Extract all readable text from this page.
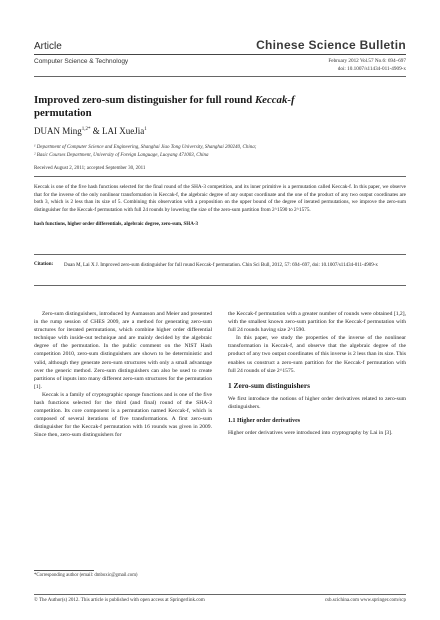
Article	Chinese Science Bulletin
Computer Science & Technology	February 2012 Vol.57 No.6: 694–697
doi: 10.1007/s11434-011-4909-x
Improved zero-sum distinguisher for full round Keccak-f
permutation
DUAN Ming$^{1,2*}$ & LAI XueJia$^1$
¹ Department of Computer Science and Engineering, Shanghai Jiao Tong University, Shanghai 200240, China;
² Basic Courses Department, University of Foreign Language, Luoyang 471003, China
Received August 2, 2011; accepted September 30, 2011
Keccak is one of the five hash functions selected for the final round of the SHA-3 competition, and its inner primitive is a permutation called Keccak-f. In this paper, we observe that for the inverse of the only nonlinear transformation in Keccak-f, the algebraic degree of any output coordinate and the one of the product of any two output coordinates are both 3, which is 2 less than its size of 5. Combining this observation with a proposition on the upper bound of the degree of iterated permutations, we improve the zero-sum distinguisher for the Keccak-f permutation with full 24 rounds by lowering the size of the zero-sum partition from 2^1590 to 2^1575.
hash functions, higher order differentials, algebraic degree, zero-sum, SHA-3
Citation: Duan M, Lai X J. Improved zero-sum distinguisher for full round Keccak-f permutation. Chin Sci Bull, 2012, 57: 694–697, doi: 10.1007/s11434-011-4909-x

Zero-sum distinguishers, introduced by Aumasson and Meier and presented in the rump session of CHES 2009, are a method for generating zero-sum structures for iterated permutations, which combine higher order differential technique with inside-out technique and are mainly decided by the algebraic degree of the permutation. In the public comment on the NIST Hash competition 2010, zero-sum distinguishers are shown to be deterministic and valid, although they generate zero-sum structures with only a small advantage over the generic method. Zero-sum distinguishers can also be used to create partitions of inputs into many different zero-sum structures for the permutation [1].

Keccak is a family of cryptographic sponge functions and is one of the five hash functions selected for the third (and final) round of the SHA-3 competition. Its core component is a permutation named Keccak-f, which is composed of several iterations of five transformations. A first zero-sum distinguisher for the Keccak-f permutation with 16 rounds was given in 2009. Since then, zero-sum distinguishers for

the Keccak-f permutation with a greater number of rounds were obtained [1,2], with the smallest known zero-sum partition for the Keccak-f permutation with full 24 rounds having size 2^1590.

In this paper, we study the properties of the inverse of the nonlinear transformation in Keccak-f, and observe that the algebraic degree of the product of any two output coordinates of this inverse is 2 less than its size. This enables us construct a zero-sum partition for the Keccak-f permutation with full 24 rounds of size 2^1575.

1 Zero-sum distinguishers

We first introduce the notions of higher order derivatives related to zero-sum distinguishers.

1.1 Higher order derivatives

Higher order derivatives were introduced into cryptography by Lai in [3].

*Corresponding author (email: dmboxic@gmail.com)
© The Author(s) 2012. This article is published with open access at Springerlink.com	csb.scichina.com www.springer.com/scp
